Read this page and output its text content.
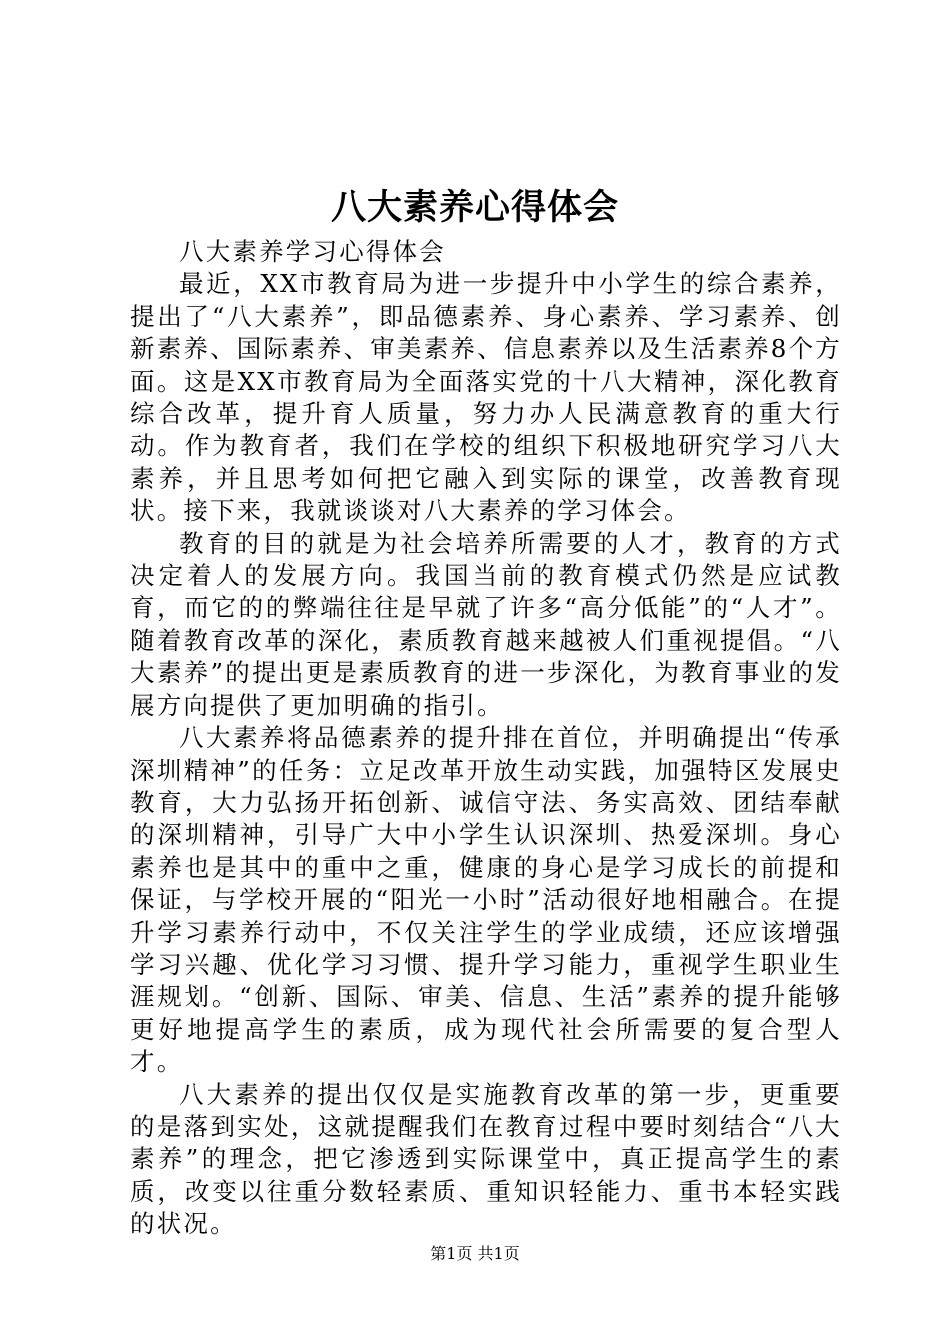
八大素养心得体会

八大素养学习心得体会

最近，XX市教育局为进一步提升中小学生的综合素养，提出了“八大素养”，即品德素养、身心素养、学习素养、创新素养、国际素养、审美素养、信息素养以及生活素养8个方面。这是XX市教育局为全面落实党的十八大精神，深化教育综合改革，提升育人质量，努力办人民满意教育的重大行动。作为教育者，我们在学校的组织下积极地研究学习八大素养，并且思考如何把它融入到实际的课堂，改善教育现状。接下来，我就谈谈对八大素养的学习体会。

教育的目的就是为社会培养所需要的人才，教育的方式决定着人的发展方向。我国当前的教育模式仍然是应试教育，而它的的弊端往往是早就了许多“高分低能”的“人才”。随着教育改革的深化，素质教育越来越被人们重视提倡。“八大素养”的提出更是素质教育的进一步深化，为教育事业的发展方向提供了更加明确的指引。

八大素养将品德素养的提升排在首位，并明确提出“传承深圳精神”的任务：立足改革开放生动实践，加强特区发展史教育，大力弘扬开拓创新、诚信守法、务实高效、团结奉献的深圳精神，引导广大中小学生认识深圳、热爱深圳。身心素养也是其中的重中之重，健康的身心是学习成长的前提和保证，与学校开展的“阳光一小时”活动很好地相融合。在提升学习素养行动中，不仅关注学生的学业成绩，还应该增强学习兴趣、优化学习习惯、提升学习能力，重视学生职业生涯规划。“创新、国际、审美、信息、生活”素养的提升能够更好地提高学生的素质，成为现代社会所需要的复合型人才。

八大素养的提出仅仅是实施教育改革的第一步，更重要的是落到实处，这就提醒我们在教育过程中要时刻结合“八大素养”的理念，把它渗透到实际课堂中，真正提高学生的素质，改变以往重分数轻素质、重知识轻能力、重书本轻实践的状况。

第1页 共1页
